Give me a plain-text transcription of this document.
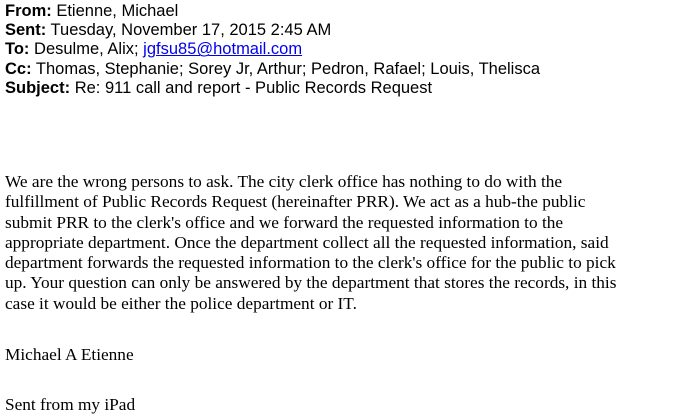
From: Etienne, Michael
Sent: Tuesday, November 17, 2015 2:45 AM
To: Desulme, Alix; jgfsu85@hotmail.com
Cc: Thomas, Stephanie; Sorey Jr, Arthur; Pedron, Rafael; Louis, Thelisca
Subject: Re: 911 call and report - Public Records Request

We are the wrong persons to ask. The city clerk office has nothing to do with the
fulfillment of Public Records Request (hereinafter PRR). We act as a hub-the public
submit PRR to the clerk's office and we forward the requested information to the
appropriate department. Once the department collect all the requested information, said
department forwards the requested information to the clerk's office for the public to pick
up. Your question can only be answered by the department that stores the records, in this
case it would be either the police department or IT.

Michael A Etienne
Sent from my iPad
